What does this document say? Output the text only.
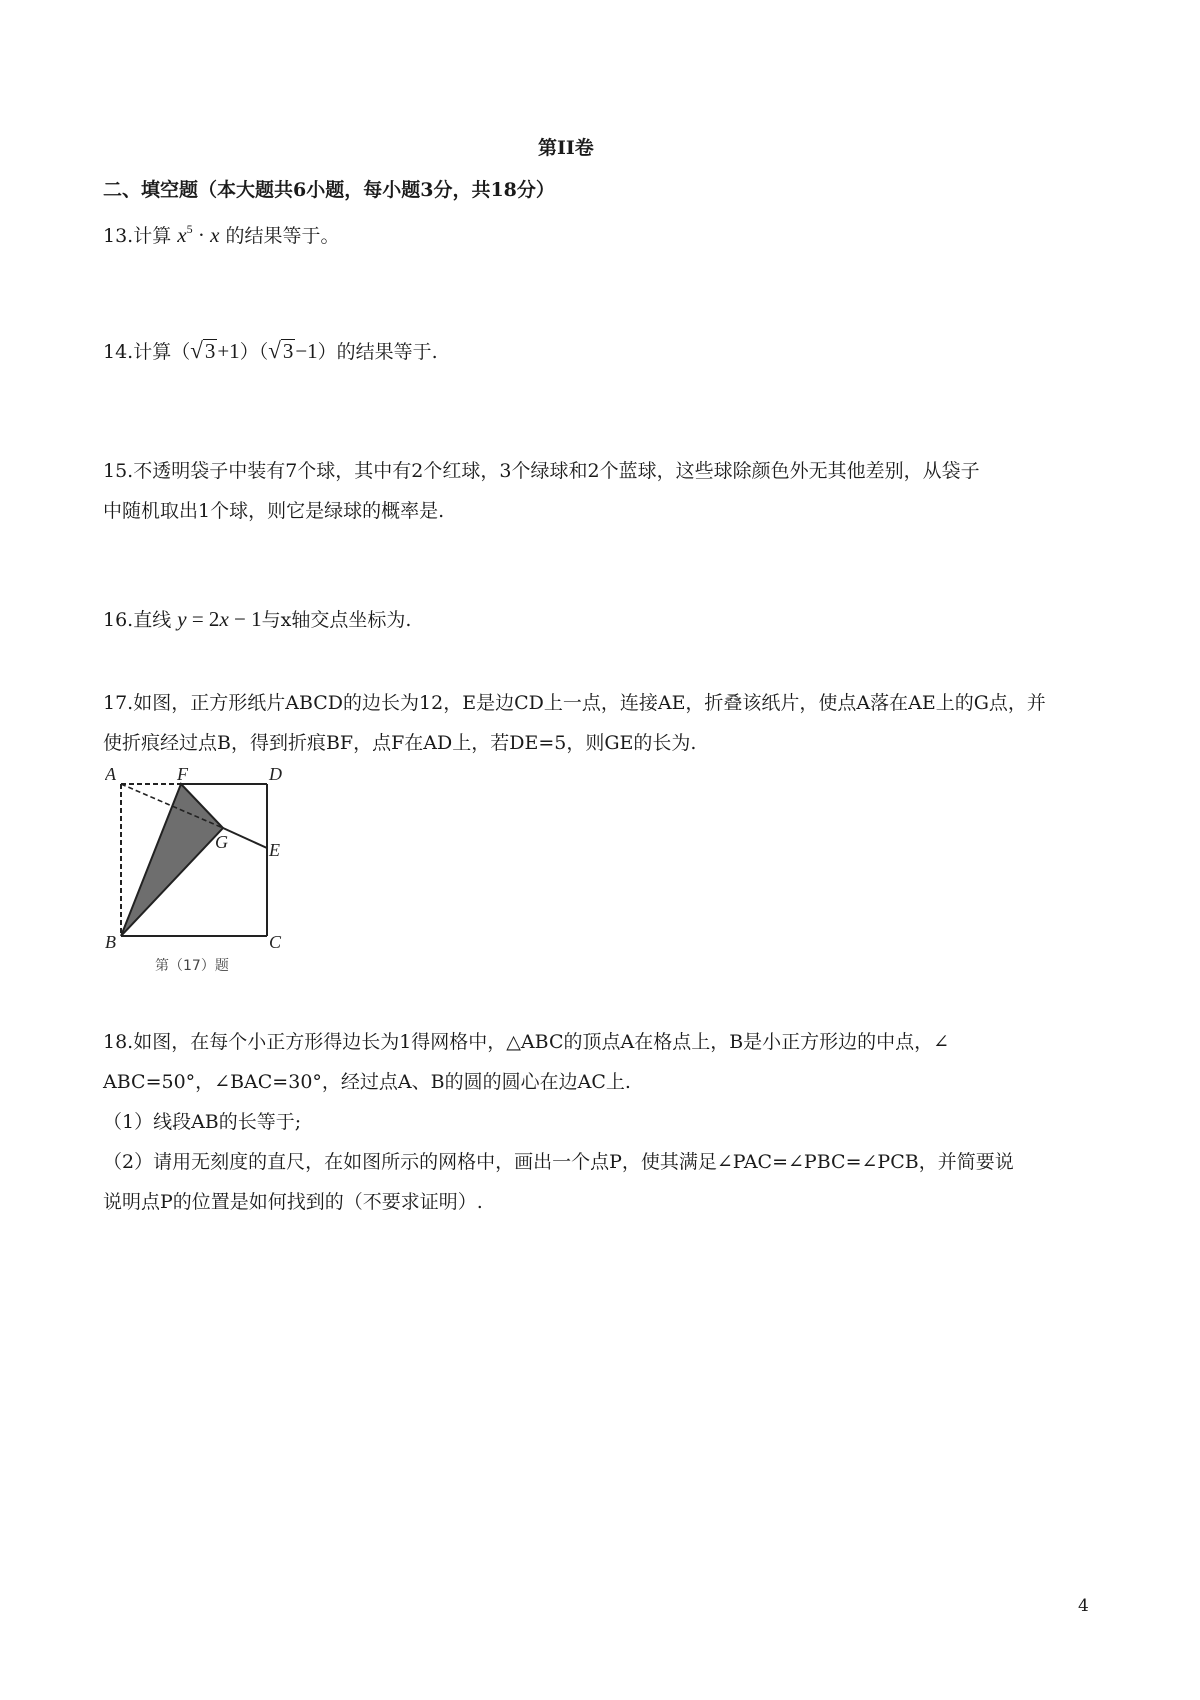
第II卷
二、填空题（本大题共6小题，每小题3分，共18分）
13.计算 $x^5 \cdot x$ 的结果等于。
14.计算（√3+1）（√3−1）的结果等于.
15.不透明袋子中装有7个球，其中有2个红球，3个绿球和2个蓝球，这些球除颜色外无其他差别，从袋子
中随机取出1个球，则它是绿球的概率是.
16.直线 y = 2x − 1与x轴交点坐标为.
17.如图，正方形纸片ABCD的边长为12，E是边CD上一点，连接AE，折叠该纸片，使点A落在AE上的G点，并
使折痕经过点B，得到折痕BF，点F在AD上，若DE=5，则GE的长为.
A	F	D
G E
B	C
第（17）题
18.如图，在每个小正方形得边长为1得网格中，△ABC的顶点A在格点上，B是小正方形边的中点，∠
ABC=50°，∠BAC=30°，经过点A、B的圆的圆心在边AC上.
（1）线段AB的长等于;
（2）请用无刻度的直尺，在如图所示的网格中，画出一个点P，使其满足∠PAC=∠PBC=∠PCB，并简要说
说明点P的位置是如何找到的（不要求证明）.
4
